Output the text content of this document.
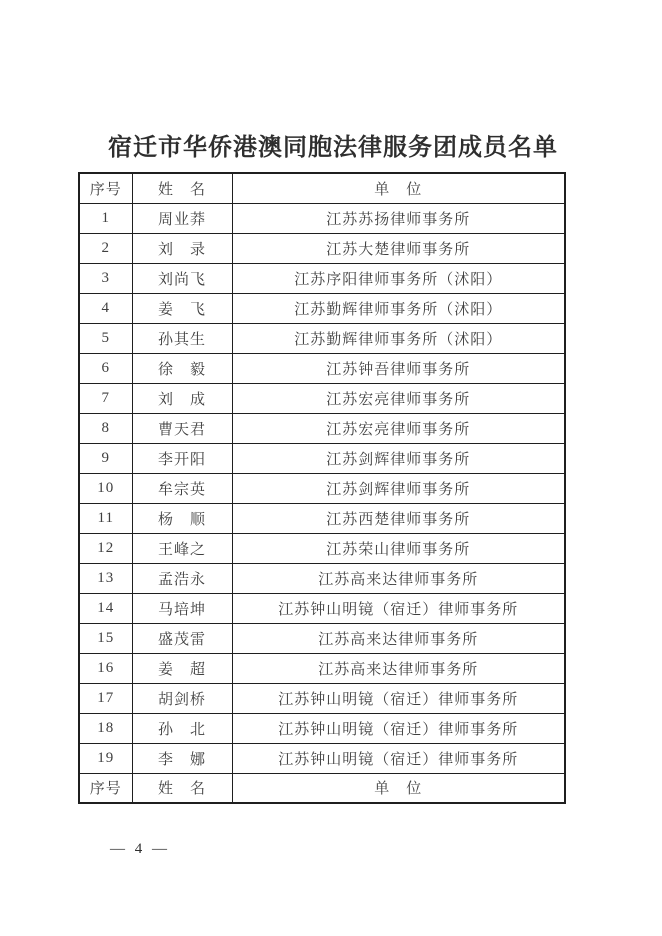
宿迁市华侨港澳同胞法律服务团成员名单
序号	姓　名	单　位
1	周业莽	江苏苏扬律师事务所
2	刘　录	江苏大楚律师事务所
3	刘尚飞	江苏序阳律师事务所（沭阳）
4	姜　飞	江苏勤辉律师事务所（沭阳）
5	孙其生	江苏勤辉律师事务所（沭阳）
6	徐　毅	江苏钟吾律师事务所
7	刘　成	江苏宏亮律师事务所
8	曹天君	江苏宏亮律师事务所
9	李开阳	江苏剑辉律师事务所
10	牟宗英	江苏剑辉律师事务所
11	杨　顺	江苏西楚律师事务所
12	王峰之	江苏荣山律师事务所
13	孟浩永	江苏高来达律师事务所
14	马培坤	江苏钟山明镜（宿迁）律师事务所
15	盛茂雷	江苏高来达律师事务所
16	姜　超	江苏高来达律师事务所
17	胡剑桥	江苏钟山明镜（宿迁）律师事务所
18	孙　北	江苏钟山明镜（宿迁）律师事务所
19	李　娜	江苏钟山明镜（宿迁）律师事务所
序号	姓　名	单　位
— 4 —
